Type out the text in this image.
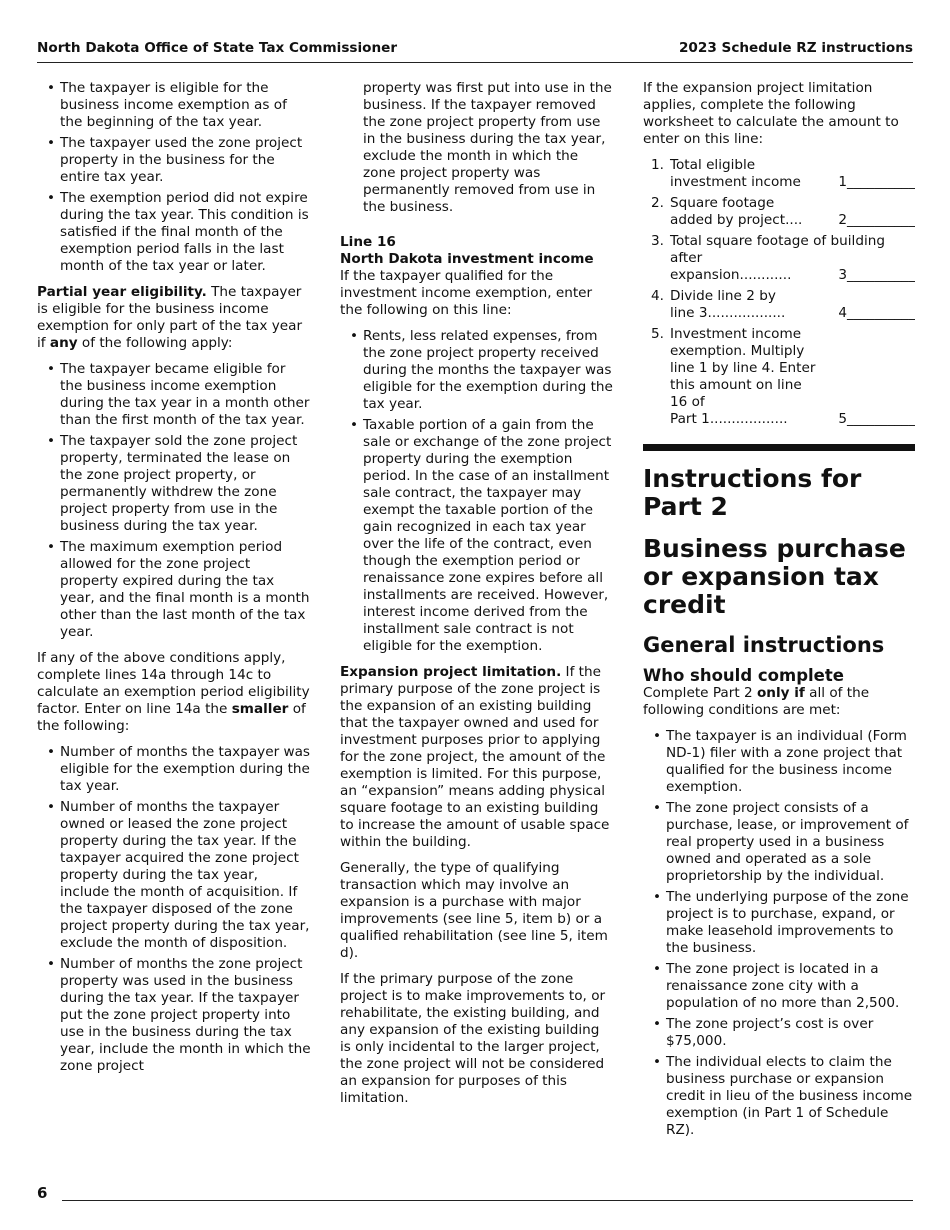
North Dakota Office of State Tax Commissioner	2023 Schedule RZ instructions
• The taxpayer is eligible for the business income exemption as of the beginning of the tax year.
• The taxpayer used the zone project property in the business for the entire tax year.
• The exemption period did not expire during the tax year. This condition is satisfied if the final month of the exemption period falls in the last month of the tax year or later.

Partial year eligibility. The taxpayer is eligible for the business income exemption for only part of the tax year if any of the following apply:

• The taxpayer became eligible for the business income exemption during the tax year in a month other than the first month of the tax year.
• The taxpayer sold the zone project property, terminated the lease on the zone project property, or permanently withdrew the zone project property from use in the business during the tax year.
• The maximum exemption period allowed for the zone project property expired during the tax year, and the final month is a month other than the last month of the tax year.

If any of the above conditions apply, complete lines 14a through 14c to calculate an exemption period eligibility factor. Enter on line 14a the smaller of the following:

• Number of months the taxpayer was eligible for the exemption during the tax year.
• Number of months the taxpayer owned or leased the zone project property during the tax year. If the taxpayer acquired the zone project property during the tax year, include the month of acquisition. If the taxpayer disposed of the zone project property during the tax year, exclude the month of disposition.
• Number of months the zone project property was used in the business during the tax year. If the taxpayer put the zone project property into use in the business during the tax year, include the month in which the zone project

property was first put into use in the business. If the taxpayer removed the zone project property from use in the business during the tax year, exclude the month in which the zone project property was permanently removed from use in the business.

Line 16

North Dakota investment income

If the taxpayer qualified for the investment income exemption, enter the following on this line:

• Rents, less related expenses, from the zone project property received during the months the taxpayer was eligible for the exemption during the tax year.
• Taxable portion of a gain from the sale or exchange of the zone project property during the exemption period. In the case of an installment sale contract, the taxpayer may exempt the taxable portion of the gain recognized in each tax year over the life of the contract, even though the exemption period or renaissance zone expires before all installments are received. However, interest income derived from the installment sale contract is not eligible for the exemption.

Expansion project limitation. If the primary purpose of the zone project is the expansion of an existing building that the taxpayer owned and used for investment purposes prior to applying for the zone project, the amount of the exemption is limited. For this purpose, an “expansion” means adding physical square footage to an existing building to increase the amount of usable space within the building.

Generally, the type of qualifying transaction which may involve an expansion is a purchase with major improvements (see line 5, item b) or a qualified rehabilitation (see line 5, item d).

If the primary purpose of the zone project is to make improvements to, or rehabilitate, the existing building, and any expansion of the existing building is only incidental to the larger project, the zone project will not be considered an expansion for purposes of this limitation.

If the expansion project limitation applies, complete the following worksheet to calculate the amount to enter on this line:

1. Total eligible
investment income	1__________
2. Square footage
added by project ....	2__________
3. Total square footage of building after
expansion ............	3__________
4. Divide line 2 by
line 3 ..................	4__________
5. Investment income exemption. Multiply line 1 by line 4. Enter this amount on line 16 of
Part 1 ..................	5__________
Instructions for Part 2
Business purchase or expansion tax credit
General instructions
Who should complete

Complete Part 2 only if all of the following conditions are met:

• The taxpayer is an individual (Form ND-1) filer with a zone project that qualified for the business income exemption.
• The zone project consists of a purchase, lease, or improvement of real property used in a business owned and operated as a sole proprietorship by the individual.
• The underlying purpose of the zone project is to purchase, expand, or make leasehold improvements to the business.
• The zone project is located in a renaissance zone city with a population of no more than 2,500.
• The zone project’s cost is over $75,000.
• The individual elects to claim the business purchase or expansion credit in lieu of the business income exemption (in Part 1 of Schedule RZ).
6
